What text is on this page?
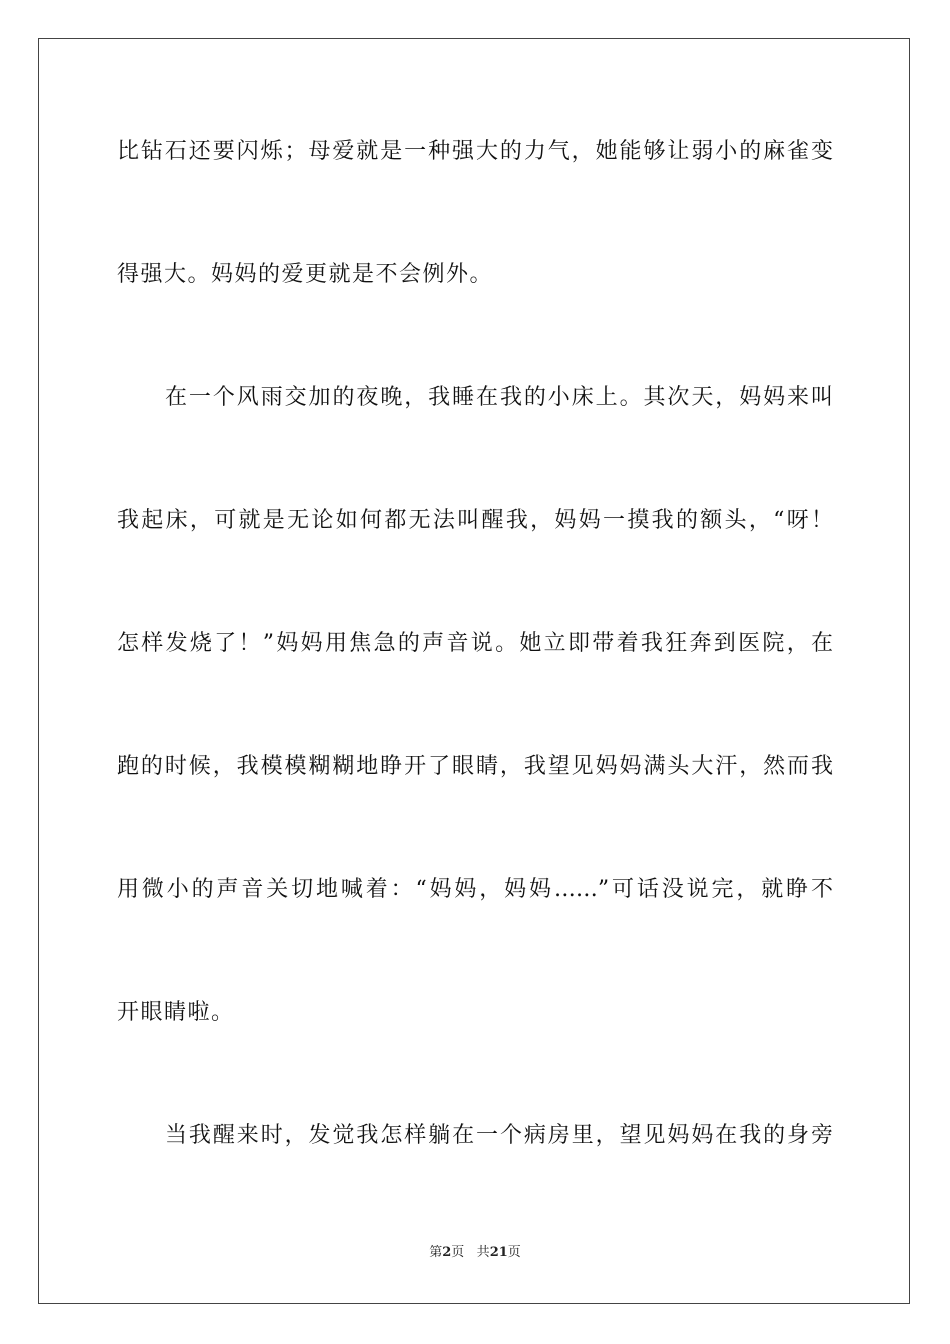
比钻石还要闪烁；母爱就是一种强大的力气，她能够让弱小的麻雀变
得强大。妈妈的爱更就是不会例外。
在一个风雨交加的夜晚，我睡在我的小床上。其次天，妈妈来叫
我起床，可就是无论如何都无法叫醒我，妈妈一摸我的额头，“呀！
怎样发烧了！”妈妈用焦急的声音说。她立即带着我狂奔到医院，在
跑的时候，我模模糊糊地睁开了眼睛，我望见妈妈满头大汗，然而我
用微小的声音关切地喊着：“妈妈，妈妈……”可话没说完，就睁不
开眼睛啦。
当我醒来时，发觉我怎样躺在一个病房里，望见妈妈在我的身旁
第2页 共21页
